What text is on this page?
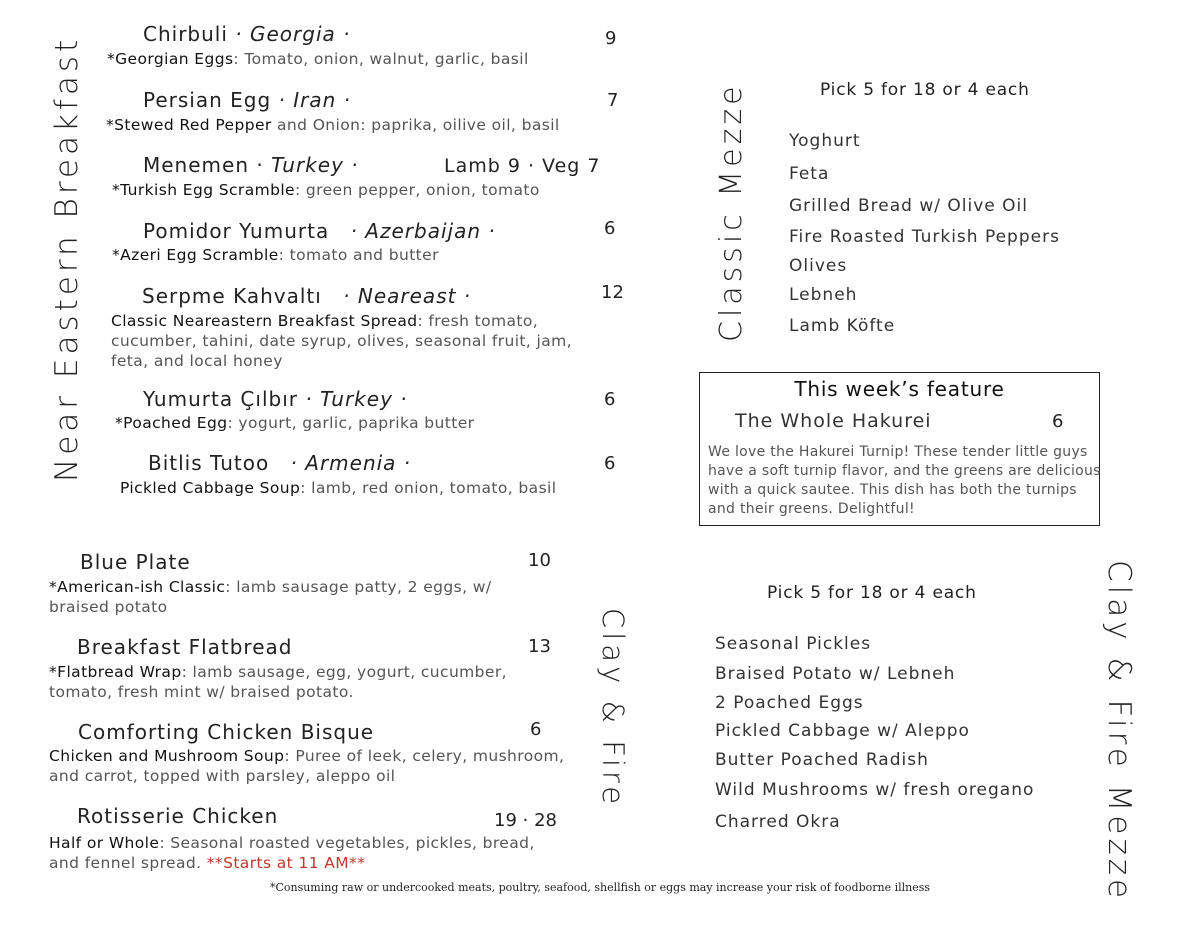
Near Eastern Breakfast	Classic Mezze
Clay & Fire	Clay & Fire Mezze
Chirbuli · Georgia ·	9
*Georgian Eggs: Tomato, onion, walnut, garlic, basil
Persian Egg · Iran ·	7
*Stewed Red Pepper and Onion: paprika, oilive oil, basil
Menemen · Turkey ·	Lamb 9 · Veg 7
*Turkish Egg Scramble: green pepper, onion, tomato
Pomidor Yumurta · Azerbaijan ·	6
*Azeri Egg Scramble: tomato and butter
Serpme Kahvaltı · Neareast ·	12
Classic Neareastern Breakfast Spread: fresh tomato, cucumber, tahini, date syrup, olives, seasonal fruit, jam, feta, and local honey
Yumurta Çılbır · Turkey ·	6
*Poached Egg: yogurt, garlic, paprika butter
Bitlis Tutoo · Armenia ·	6
Pickled Cabbage Soup: lamb, red onion, tomato, basil
Blue Plate	10
*American-ish Classic: lamb sausage patty, 2 eggs, w/ braised potato
Breakfast Flatbread	13
*Flatbread Wrap: lamb sausage, egg, yogurt, cucumber, tomato, fresh mint w/ braised potato.
Comforting Chicken Bisque	6
Chicken and Mushroom Soup: Puree of leek, celery, mushroom, and carrot, topped with parsley, aleppo oil
Rotisserie Chicken	19 · 28
Half or Whole: Seasonal roasted vegetables, pickles, bread, and fennel spread. **Starts at 11 AM**
Pick 5 for 18 or 4 each
Yoghurt
Feta
Grilled Bread w/ Olive Oil
Fire Roasted Turkish Peppers
Olives
Lebneh
Lamb Köfte
This week’s feature
The Whole Hakurei	6
We love the Hakurei Turnip! These tender little guys have a soft turnip flavor, and the greens are delicious with a quick sautee. This dish has both the turnips and their greens. Delightful!
Pick 5 for 18 or 4 each
Seasonal Pickles
Braised Potato w/ Lebneh
2 Poached Eggs
Pickled Cabbage w/ Aleppo
Butter Poached Radish
Wild Mushrooms w/ fresh oregano
Charred Okra
*Consuming raw or undercooked meats, poultry, seafood, shellfish or eggs may increase your risk of foodborne illness
